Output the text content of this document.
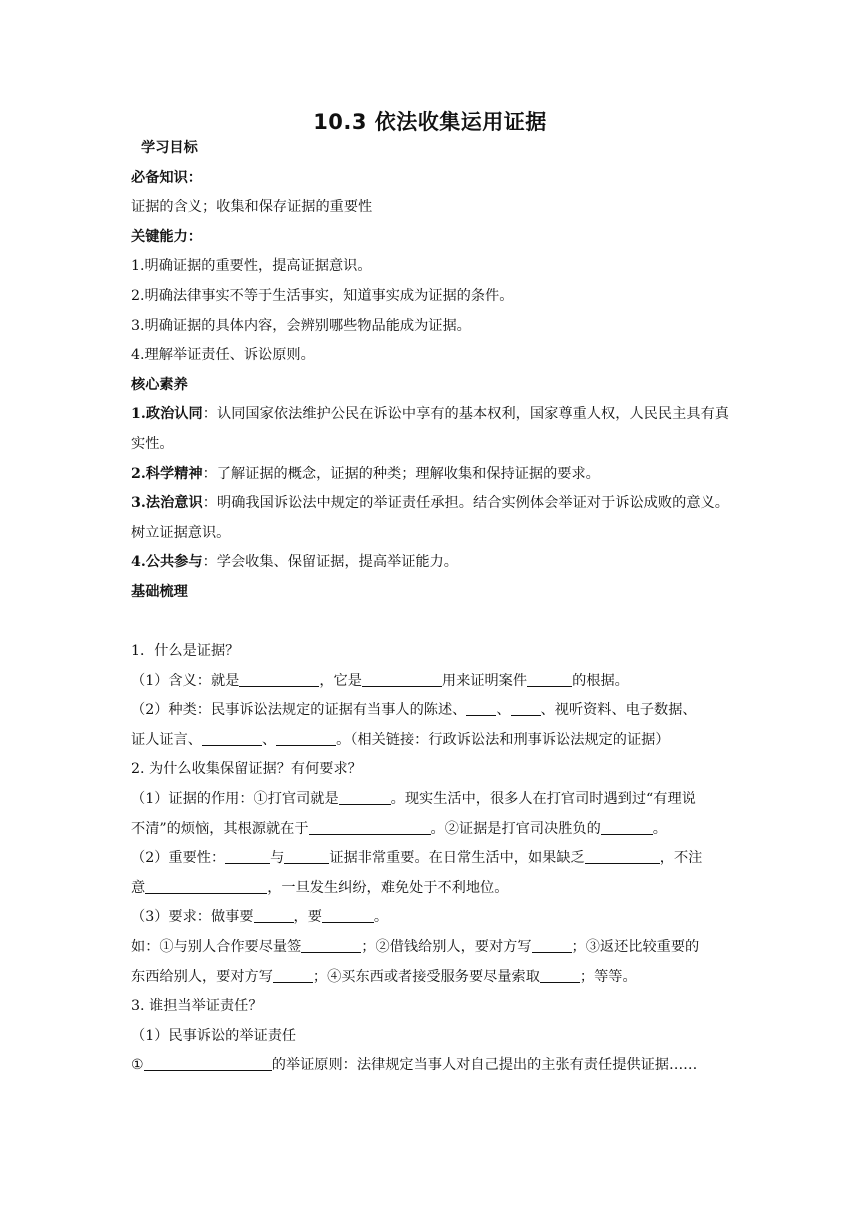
10.3 依法收集运用证据

学习目标

必备知识：

证据的含义；收集和保存证据的重要性

关键能力：

1.明确证据的重要性，提高证据意识。

2.明确法律事实不等于生活事实，知道事实成为证据的条件。

3.明确证据的具体内容，会辨别哪些物品能成为证据。

4.理解举证责任、诉讼原则。

核心素养

1.政治认同：认同国家依法维护公民在诉讼中享有的基本权利，国家尊重人权，人民民主具有真实性。

2.科学精神：了解证据的概念，证据的种类；理解收集和保持证据的要求。

3.法治意识：明确我国诉讼法中规定的举证责任承担。结合实例体会举证对于诉讼成败的意义。树立证据意识。

4.公共参与：学会收集、保留证据，提高举证能力。

基础梳理

1．什么是证据？

（1）含义：就是	，它是	用来证明案件	的根据。

（2）种类：民事诉讼法规定的证据有当事人的陈述、 、 、视听资料、电子数据、

证人证言、	、	。（相关链接：行政诉讼法和刑事诉讼法规定的证据）

2. 为什么收集保留证据？有何要求？

（1）证据的作用：①打官司就是	。现实生活中，很多人在打官司时遇到过“有理说

不清”的烦恼，其根源就在于	。②证据是打官司决胜负的	。

（2）重要性：	与	证据非常重要。在日常生活中，如果缺乏	，不注

意	，一旦发生纠纷，难免处于不利地位。

（3）要求：做事要	，要	。

如：①与别人合作要尽量签	；②借钱给别人，要对方写	；③返还比较重要的

东西给别人，要对方写	；④买东西或者接受服务要尽量索取	；等等。

3. 谁担当举证责任？

（1）民事诉讼的举证责任

①	的举证原则：法律规定当事人对自己提出的主张有责任提供证据……
